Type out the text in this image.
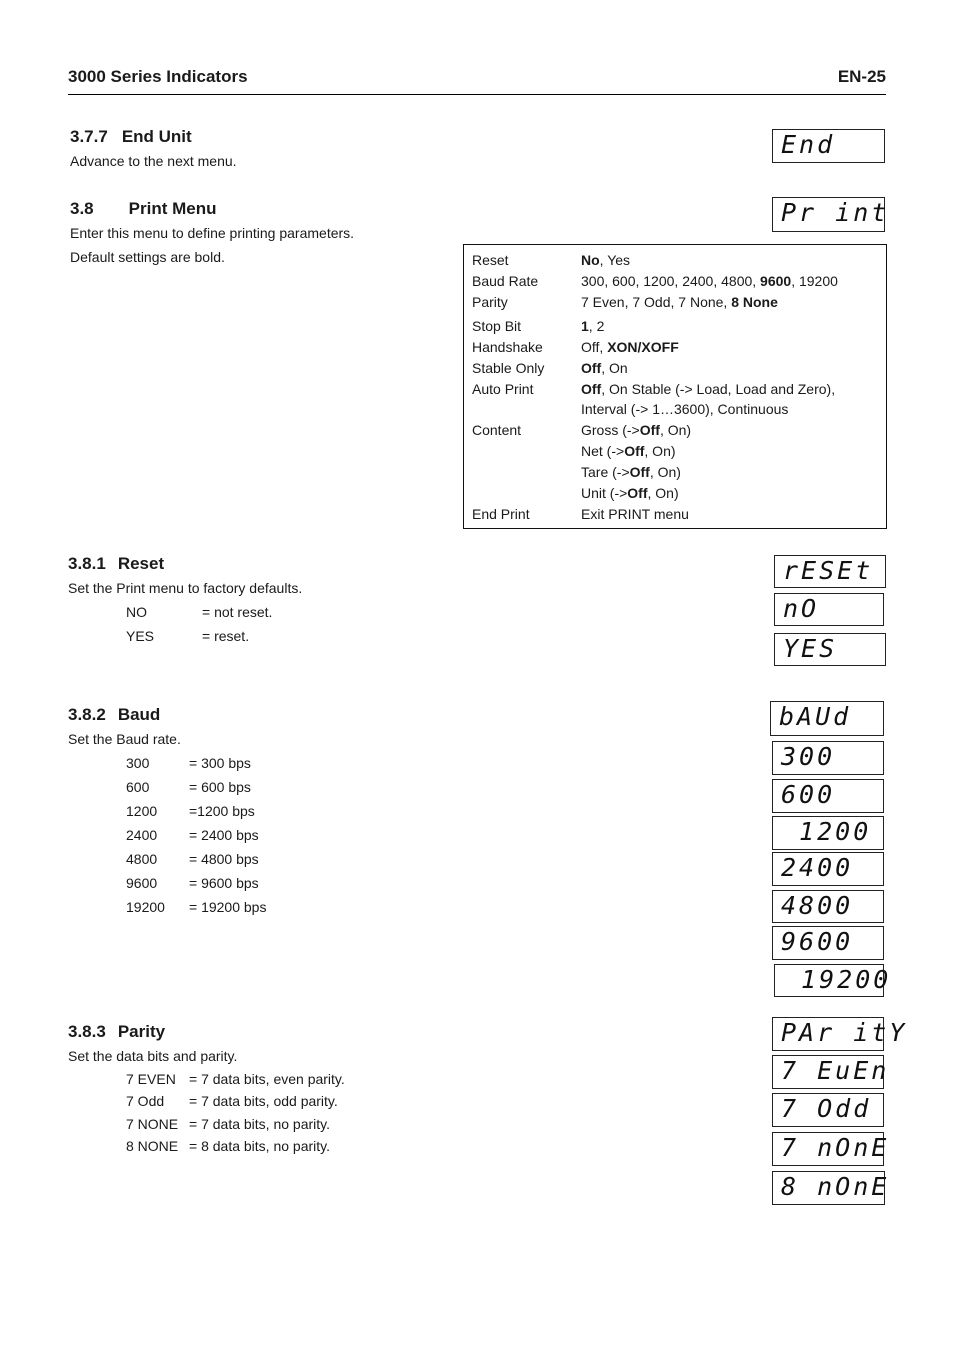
3000 Series Indicators	EN-25
3.7.7 End Unit
Advance to the next menu.
End
3.8 Print Menu
Enter this menu to define printing parameters.
Default settings are bold.
Pr int
Reset	No, Yes
Baud Rate	300, 600, 1200, 2400, 4800, 9600, 19200
Parity	7 Even, 7 Odd, 7 None, 8 None
Stop Bit	1, 2
Handshake	Off, XON/XOFF
Stable Only	Off, On
Auto Print	Off, On Stable (-> Load, Load and Zero),
Interval (-> 1…3600), Continuous
Content	Gross (->Off, On)
Net (->Off, On)
Tare (->Off, On)
Unit (->Off, On)
End Print	Exit PRINT menu
3.8.1 Reset
Set the Print menu to factory defaults.
NO	= not reset.
YES	= reset.
rESEt
nO
YES
3.8.2 Baud
Set the Baud rate.
300	= 300 bps
600	= 600 bps
1200 =1200 bps
2400 = 2400 bps
4800 = 4800 bps
9600 = 9600 bps
19200 = 19200 bps
bAUd
300
600
1200
2400
4800
9600
19200
3.8.3 Parity
Set the data bits and parity.
7 EVEN = 7 data bits, even parity.
7 Odd = 7 data bits, odd parity.
7 NONE = 7 data bits, no parity.
8 NONE = 8 data bits, no parity.
PAr itY
7 EuEn
7 Odd
7 nOnE
8 nOnE
